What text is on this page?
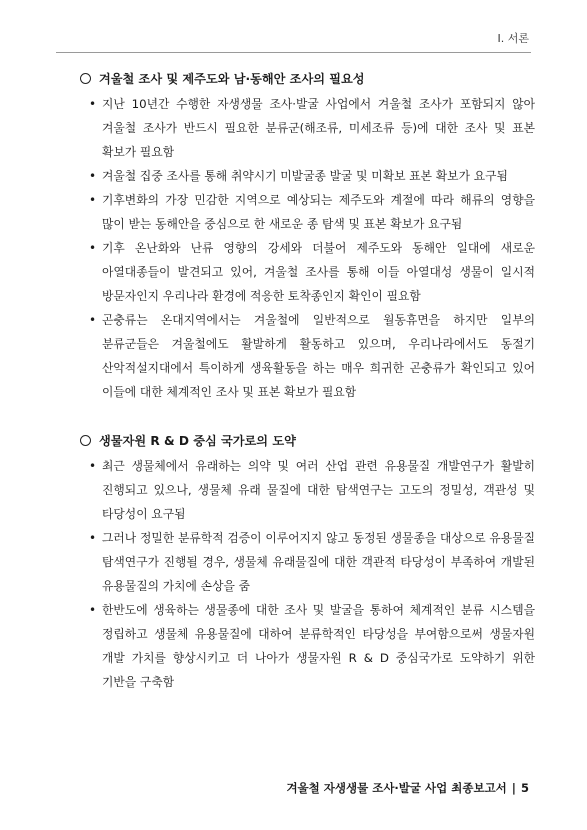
I. 서론
겨울철 조사 및 제주도와 남·동해안 조사의 필요성
• 지난 10년간 수행한 자생생물 조사·발굴 사업에서 겨울철 조사가 포함되지 않아 겨울철 조사가 반드시 필요한 분류군(해조류, 미세조류 등)에 대한 조사 및 표본 확보가 필요함
• 겨울철 집중 조사를 통해 취약시기 미발굴종 발굴 및 미확보 표본 확보가 요구됨
• 기후변화의 가장 민감한 지역으로 예상되는 제주도와 계절에 따라 해류의 영향을 많이 받는 동해안을 중심으로 한 새로운 종 탐색 및 표본 확보가 요구됨
• 기후 온난화와 난류 영향의 강세와 더불어 제주도와 동해안 일대에 새로운 아열대종들이 발견되고 있어, 겨울철 조사를 통해 이들 아열대성 생물이 일시적 방문자인지 우리나라 환경에 적응한 토착종인지 확인이 필요함
• 곤충류는 온대지역에서는 겨울철에 일반적으로 월동휴면을 하지만 일부의 분류군들은 겨울철에도 활발하게 활동하고 있으며, 우리나라에서도 동절기 산악적설지대에서 특이하게 생육활동을 하는 매우 희귀한 곤충류가 확인되고 있어 이들에 대한 체계적인 조사 및 표본 확보가 필요함
생물자원 R & D 중심 국가로의 도약
• 최근 생물체에서 유래하는 의약 및 여러 산업 관련 유용물질 개발연구가 활발히 진행되고 있으나, 생물체 유래 물질에 대한 탐색연구는 고도의 정밀성, 객관성 및 타당성이 요구됨
• 그러나 정밀한 분류학적 검증이 이루어지지 않고 동정된 생물종을 대상으로 유용물질 탐색연구가 진행될 경우, 생물체 유래물질에 대한 객관적 타당성이 부족하여 개발된 유용물질의 가치에 손상을 줌
• 한반도에 생육하는 생물종에 대한 조사 및 발굴을 통하여 체계적인 분류 시스템을 정립하고 생물체 유용물질에 대하여 분류학적인 타당성을 부여함으로써 생물자원 개발 가치를 향상시키고 더 나아가 생물자원 R & D 중심국가로 도약하기 위한 기반을 구축함
겨울철 자생생물 조사·발굴 사업 최종보고서 | 5
